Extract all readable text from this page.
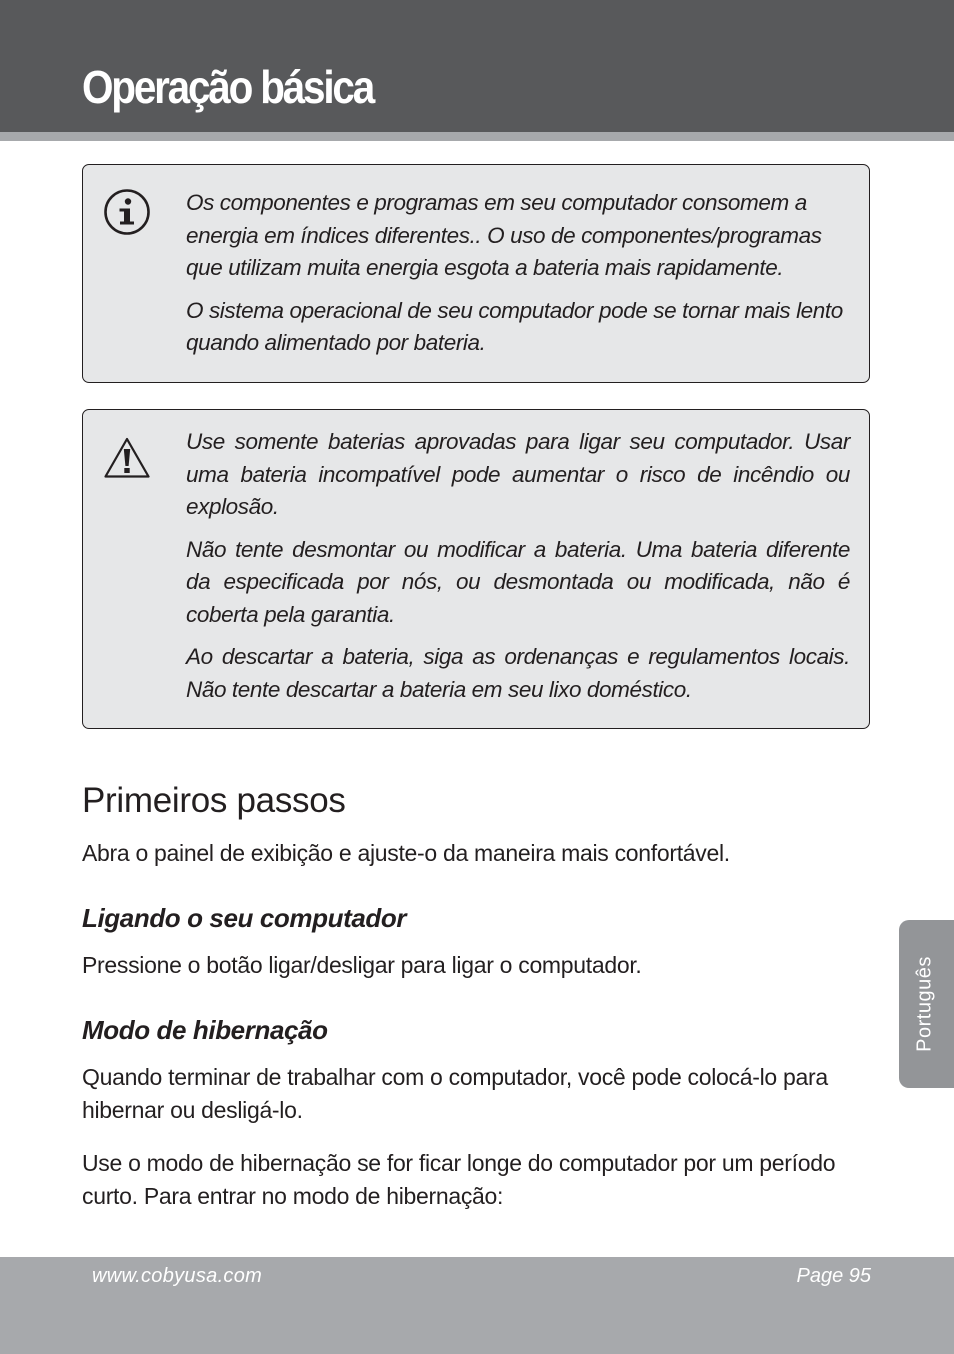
Operação básica

Os componentes e programas em seu computador consomem a energia em índices diferentes.. O uso de componentes/programas que utilizam muita energia esgota a bateria mais rapidamente.

O sistema operacional de seu computador pode se tornar mais lento quando alimentado por bateria.

Use somente baterias aprovadas para ligar seu computador. Usar uma bateria incompatível pode aumentar o risco de incêndio ou explosão.

Não tente desmontar ou modificar a bateria. Uma bateria diferente da especificada por nós, ou desmontada ou modificada, não é coberta pela garantia.

Ao descartar a bateria, siga as ordenanças e regulamentos locais. Não tente descartar a bateria em seu lixo doméstico.

Primeiros passos

Abra o painel de exibição e ajuste-o da maneira mais confortável.

Ligando o seu computador

Pressione o botão ligar/desligar para ligar o computador.

Modo de hibernação

Quando terminar de trabalhar com o computador, você pode colocá-lo para hibernar ou desligá-lo.

Use o modo de hibernação se for ficar longe do computador por um período curto. Para entrar no modo de hibernação:

Português
www.cobyusa.com	Page 95
